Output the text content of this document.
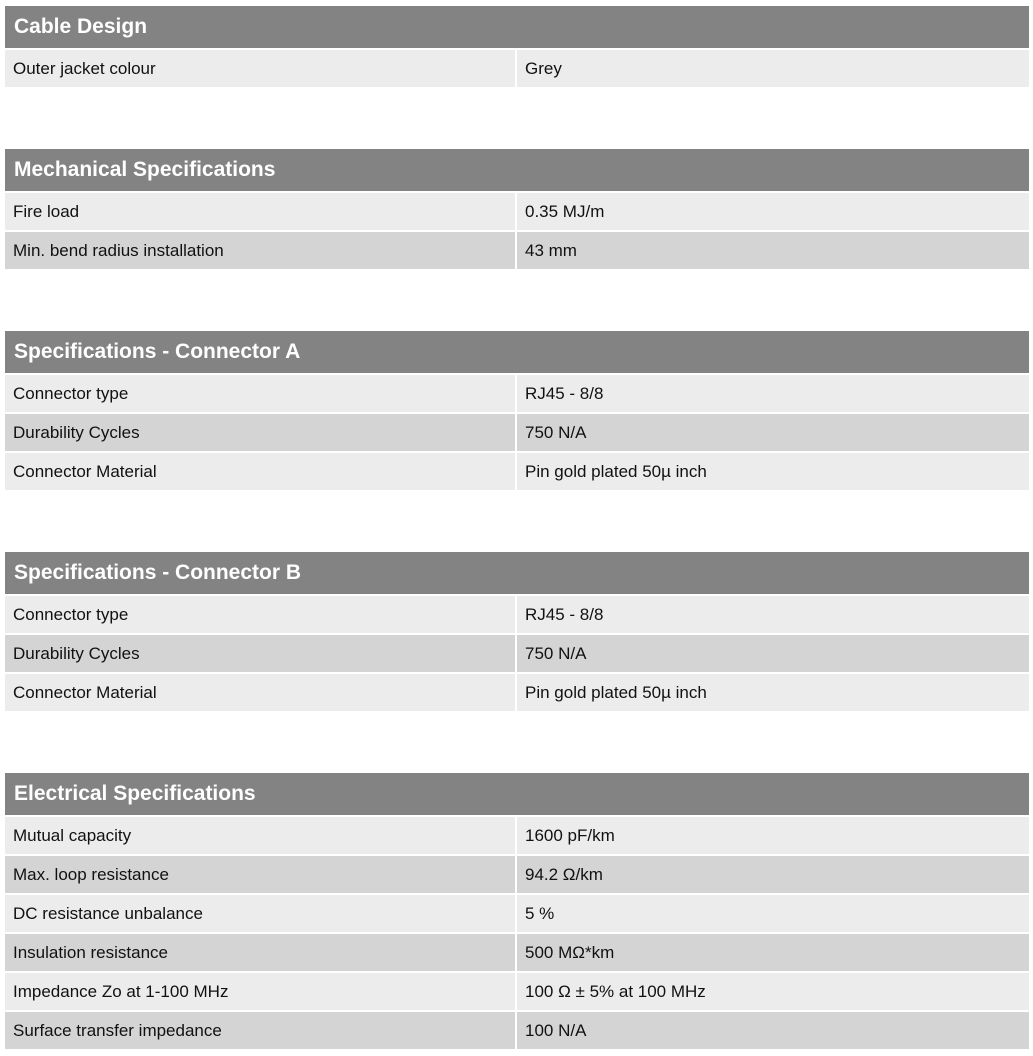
Cable Design
Outer jacket colour	Grey
Mechanical Specifications
Fire load	0.35 MJ/m
Min. bend radius installation	43 mm
Specifications - Connector A
Connector type	RJ45 - 8/8
Durability Cycles	750 N/A
Connector Material	Pin gold plated 50µ inch
Specifications - Connector B
Connector type	RJ45 - 8/8
Durability Cycles	750 N/A
Connector Material	Pin gold plated 50µ inch
Electrical Specifications
Mutual capacity	1600 pF/km
Max. loop resistance	94.2 Ω/km
DC resistance unbalance	5 %
Insulation resistance	500 MΩ*km
Impedance Zo at 1-100 MHz	100 Ω ± 5% at 100 MHz
Surface transfer impedance	100 N/A
